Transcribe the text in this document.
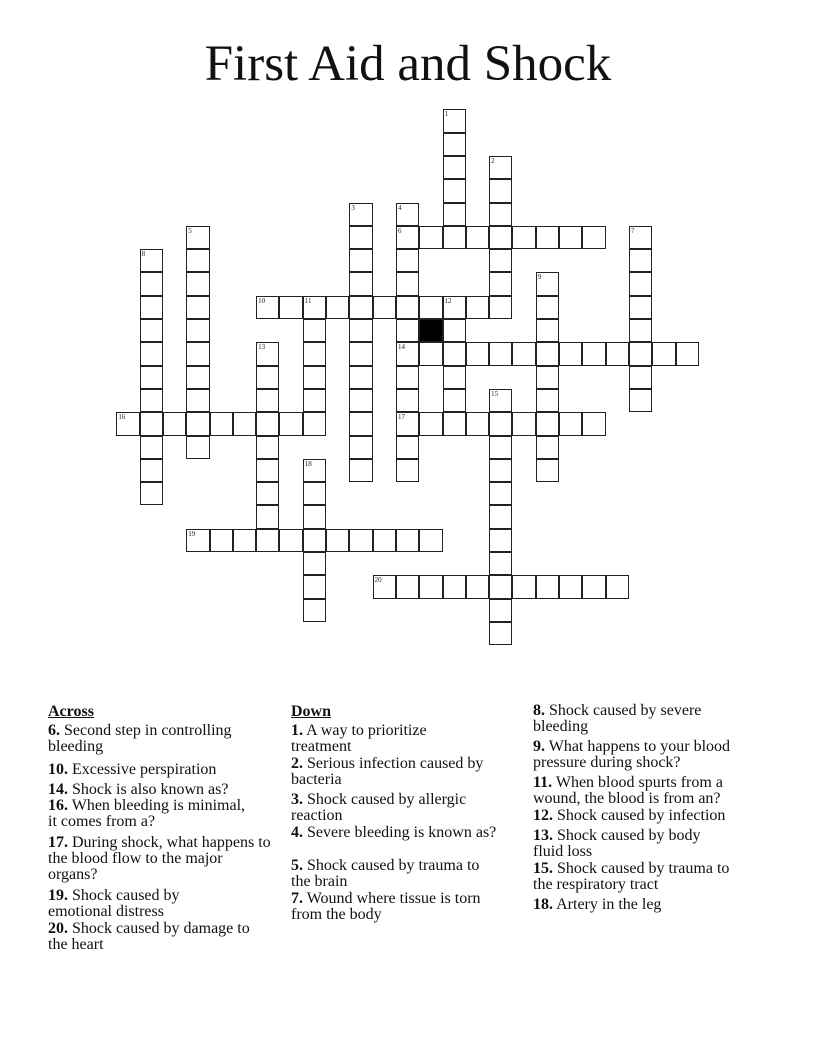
First Aid and Shock
1
2
3	4
6
14
17
5	7
8
9
10	11	12
13
15
16
18
19
20
Across
6. Second step in controlling bleeding
10. Excessive perspiration
14. Shock is also known as?
16. When bleeding is minimal, it comes from a?
17. During shock, what happens to the blood flow to the major organs?
19. Shock caused by emotional distress
20. Shock caused by damage to the heart
Down
1. A way to prioritize treatment
2. Serious infection caused by bacteria
3. Shock caused by allergic reaction
4. Severe bleeding is known as?
5. Shock caused by trauma to the brain
7. Wound where tissue is torn from the body
8. Shock caused by severe bleeding
9. What happens to your blood pressure during shock?
11. When blood spurts from a wound, the blood is from an?
12. Shock caused by infection
13. Shock caused by body fluid loss
15. Shock caused by trauma to the respiratory tract
18. Artery in the leg
